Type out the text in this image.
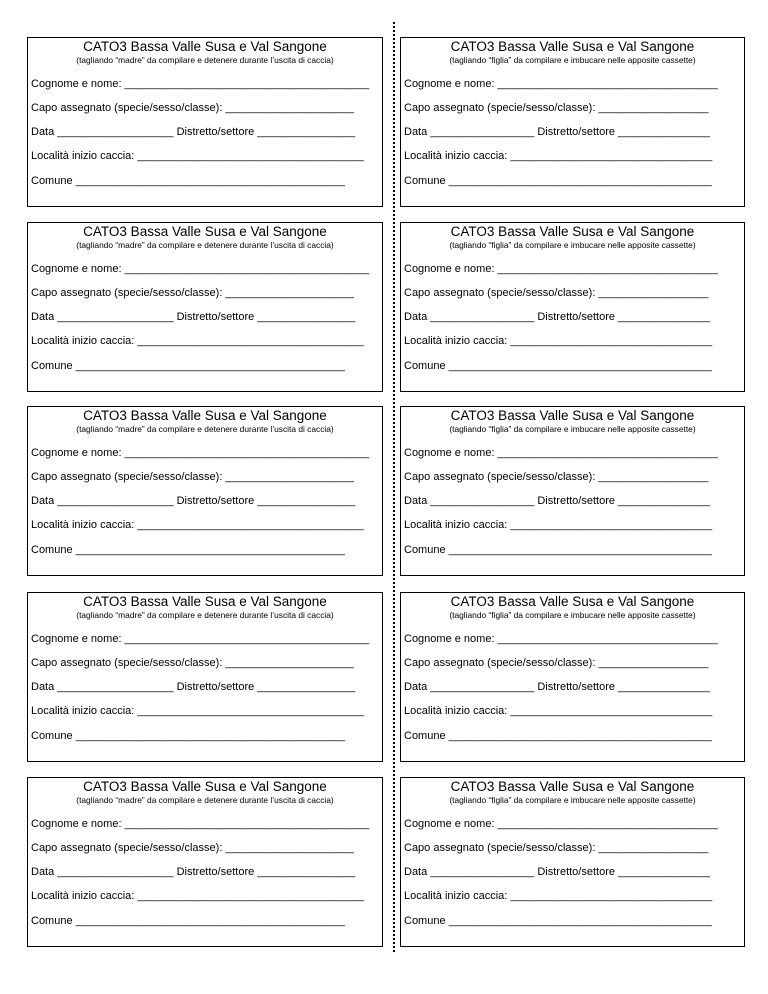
CATO3 Bassa Valle Susa e Val Sangone
(tagliando “madre” da compilare e detenere durante l’uscita di caccia)
Cognome e nome: ________________________________________
Capo assegnato (specie/sesso/classe): _____________________
Data ___________________ Distretto/settore ________________
Località inizio caccia: _____________________________________
Comune ____________________________________________
CATO3 Bassa Valle Susa e Val Sangone
(tagliando “figlia” da compilare e imbucare nelle apposite cassette)
Cognome e nome: ____________________________________
Capo assegnato (specie/sesso/classe): __________________
Data _________________ Distretto/settore _______________
Località inizio caccia: _________________________________
Comune ___________________________________________
CATO3 Bassa Valle Susa e Val Sangone
(tagliando “madre” da compilare e detenere durante l’uscita di caccia)
Cognome e nome: ________________________________________
Capo assegnato (specie/sesso/classe): _____________________
Data ___________________ Distretto/settore ________________
Località inizio caccia: _____________________________________
Comune ____________________________________________
CATO3 Bassa Valle Susa e Val Sangone
(tagliando “figlia” da compilare e imbucare nelle apposite cassette)
Cognome e nome: ____________________________________
Capo assegnato (specie/sesso/classe): __________________
Data _________________ Distretto/settore _______________
Località inizio caccia: _________________________________
Comune ___________________________________________
CATO3 Bassa Valle Susa e Val Sangone
(tagliando “madre” da compilare e detenere durante l’uscita di caccia)
Cognome e nome: ________________________________________
Capo assegnato (specie/sesso/classe): _____________________
Data ___________________ Distretto/settore ________________
Località inizio caccia: _____________________________________
Comune ____________________________________________
CATO3 Bassa Valle Susa e Val Sangone
(tagliando “figlia” da compilare e imbucare nelle apposite cassette)
Cognome e nome: ____________________________________
Capo assegnato (specie/sesso/classe): __________________
Data _________________ Distretto/settore _______________
Località inizio caccia: _________________________________
Comune ___________________________________________
CATO3 Bassa Valle Susa e Val Sangone
(tagliando “madre” da compilare e detenere durante l’uscita di caccia)
Cognome e nome: ________________________________________
Capo assegnato (specie/sesso/classe): _____________________
Data ___________________ Distretto/settore ________________
Località inizio caccia: _____________________________________
Comune ____________________________________________
CATO3 Bassa Valle Susa e Val Sangone
(tagliando “figlia” da compilare e imbucare nelle apposite cassette)
Cognome e nome: ____________________________________
Capo assegnato (specie/sesso/classe): __________________
Data _________________ Distretto/settore _______________
Località inizio caccia: _________________________________
Comune ___________________________________________
CATO3 Bassa Valle Susa e Val Sangone
(tagliando “madre” da compilare e detenere durante l’uscita di caccia)
Cognome e nome: ________________________________________
Capo assegnato (specie/sesso/classe): _____________________
Data ___________________ Distretto/settore ________________
Località inizio caccia: _____________________________________
Comune ____________________________________________
CATO3 Bassa Valle Susa e Val Sangone
(tagliando “figlia” da compilare e imbucare nelle apposite cassette)
Cognome e nome: ____________________________________
Capo assegnato (specie/sesso/classe): __________________
Data _________________ Distretto/settore _______________
Località inizio caccia: _________________________________
Comune ___________________________________________
